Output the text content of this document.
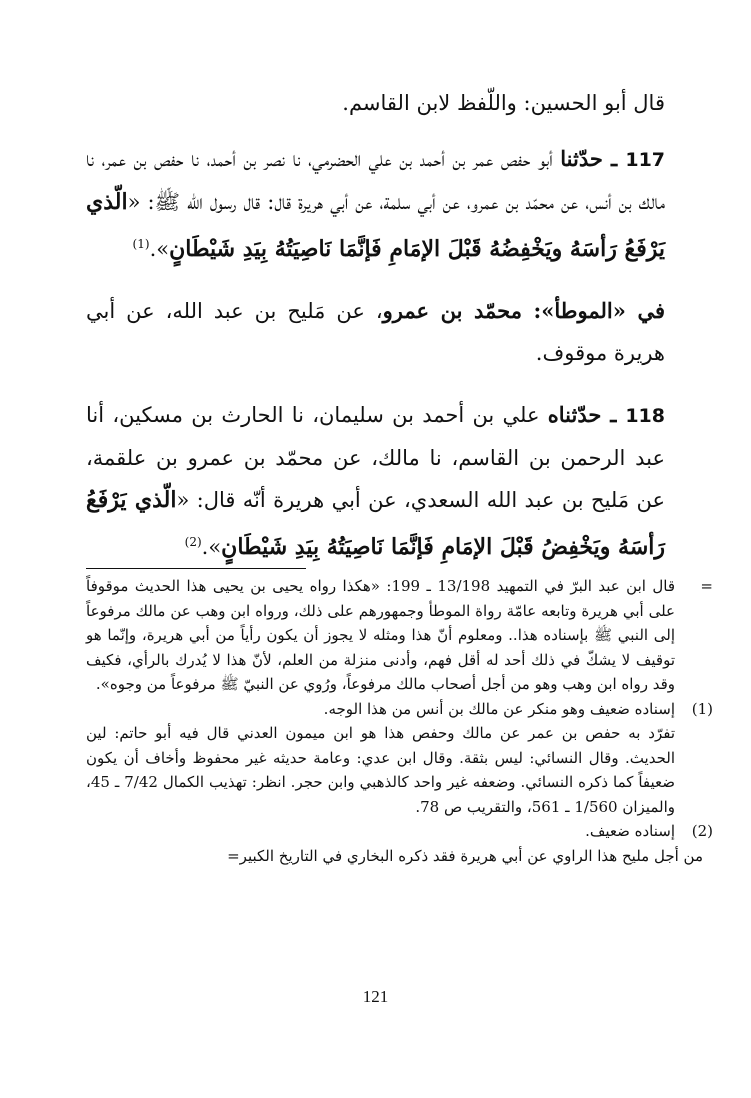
قال أبو الحسين: واللّفظ لابن القاسم.

117 ـ حدّثنا أبو حفص عمر بن أحمد بن علي الحضرمي، نا نصر بن أحمد، نا حفص بن عمر، نا مالك بن أنس، عن محمّد بن عمرو، عن أبي سلمة، عن أبي هريرة قال: قال رسول الله ﷺ: «الّذي يَرْفَعُ رَأسَهُ ويَخْفِضُهُ قَبْلَ الإمَامِ فَإنَّمَا نَاصِيَتُهُ بِيَدِ شَيْطَانٍ».$^{(1)}$

في «الموطأ»: محمّد بن عمرو، عن مَليح بن عبد الله، عن أبي هريرة موقوف.

118 ـ حدّثناه علي بن أحمد بن سليمان، نا الحارث بن مسكين، أنا عبد الرحمن بن القاسم، نا مالك، عن محمّد بن عمرو بن علقمة، عن مَليح بن عبد الله السعدي، عن أبي هريرة أنّه قال: «الّذي يَرْفَعُ رَأسَهُ ويَخْفِضُ قَبْلَ الإمَامِ فَإنَّمَا نَاصِيَتُهُ بِيَدِ شَيْطَانٍ».$^{(2)}$

=
قال ابن عبد البرّ في التمهيد 13/198 ـ 199: «هكذا رواه يحيى بن يحيى هذا الحديث موقوفاً على أبي هريرة وتابعه عامّة رواة الموطأ وجمهورهم على ذلك، ورواه ابن وهب عن مالك مرفوعاً إلى النبي ﷺ بإسناده هذا.. ومعلوم أنّ هذا ومثله لا يجوز أن يكون رأياً من أبي هريرة، وإنّما هو توقيف لا يشكّ في ذلك أحد له أقل فهم، وأدنى منزلة من العلم، لأنّ هذا لا يُدرك بالرأي، فكيف وقد رواه ابن وهب وهو من أجل أصحاب مالك مرفوعاً، ورُوي عن النبيّ ﷺ مرفوعاً من وجوه».

(1)
إسناده ضعيف وهو منكر عن مالك بن أنس من هذا الوجه.

تفرّد به حفص بن عمر عن مالك وحفص هذا هو ابن ميمون العدني قال فيه أبو حاتم: لين الحديث. وقال النسائي: ليس بثقة. وقال ابن عدي: وعامة حديثه غير محفوظ وأخاف أن يكون ضعيفاً كما ذكره النسائي. وضعفه غير واحد كالذهبي وابن حجر. انظر: تهذيب الكمال 7/42 ـ 45، والميزان 1/560 ـ 561، والتقريب ص 78.

(2)
إسناده ضعيف.

من أجل مليح هذا الراوي عن أبي هريرة فقد ذكره البخاري في التاريخ الكبير=

121
